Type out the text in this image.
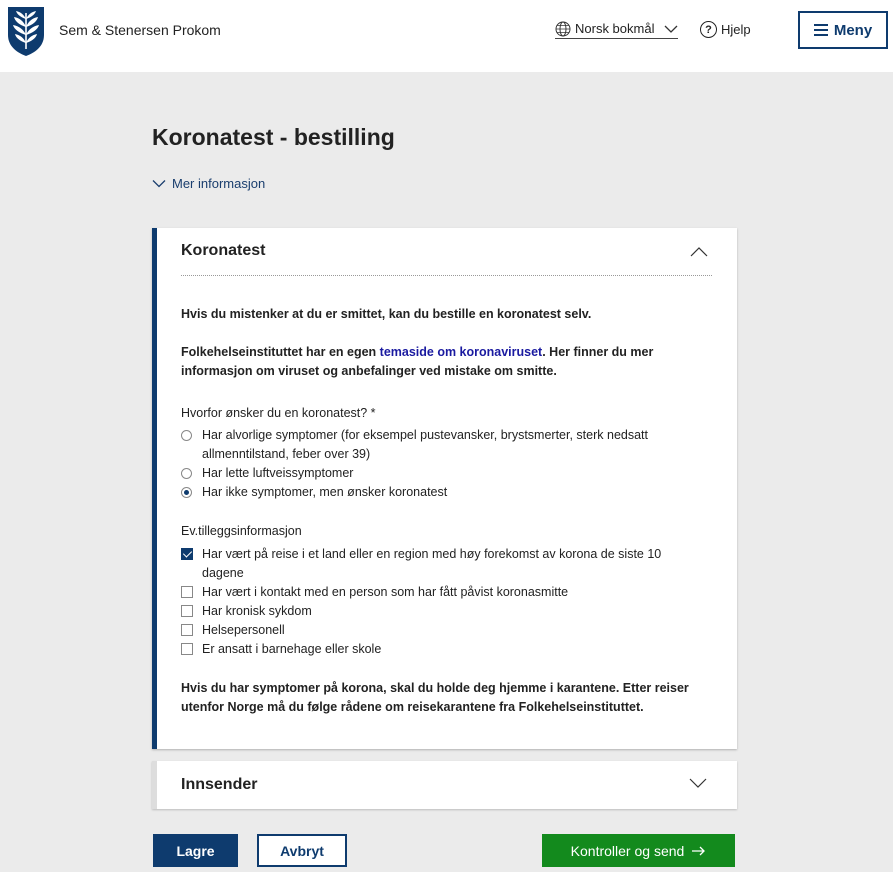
Sem & Stenersen Prokom	Norsk bokmål	? Hjelp	Meny
Koronatest - bestilling
Mer informasjon
Koronatest

Hvis du mistenker at du er smittet, kan du bestille en koronatest selv.

Folkehelseinstituttet har en egen temaside om koronaviruset. Her finner du mer informasjon om viruset og anbefalinger ved mistake om smitte.

Hvorfor ønsker du en koronatest? *

Har alvorlige symptomer (for eksempel pustevansker, brystsmerter, sterk nedsatt allmenntilstand, feber over 39)
Har lette luftveissymptomer
Har ikke symptomer, men ønsker koronatest

Ev.tilleggsinformasjon

Har vært på reise i et land eller en region med høy forekomst av korona de siste 10 dagene
Har vært i kontakt med en person som har fått påvist koronasmitte
Har kronisk sykdom
Helsepersonell
Er ansatt i barnehage eller skole

Hvis du har symptomer på korona, skal du holde deg hjemme i karantene. Etter reiser utenfor Norge må du følge rådene om reisekarantene fra Folkehelseinstituttet.

Innsender
Lagre	Avbryt	Kontroller og send
